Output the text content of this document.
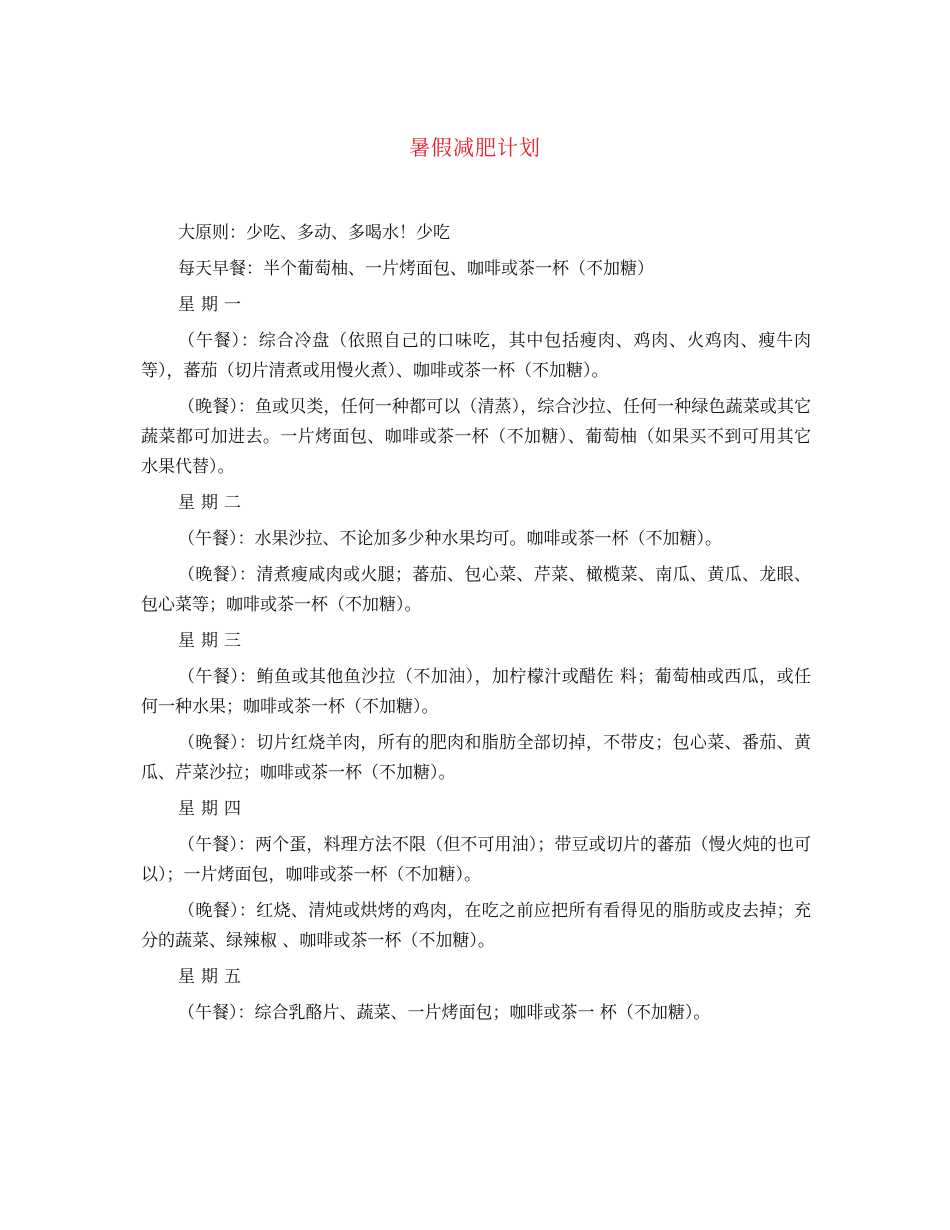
暑假减肥计划

大原则：少吃、多动、多喝水！少吃

每天早餐：半个葡萄柚、一片烤面包、咖啡或茶一杯（不加糖）

星期一

（午餐）：综合冷盘（依照自己的口味吃，其中包括瘦肉、鸡肉、火鸡肉、瘦牛肉等），蕃茄（切片清煮或用慢火煮）、咖啡或茶一杯（不加糖）。

（晚餐）：鱼或贝类，任何一种都可以（清蒸），综合沙拉、任何一种绿色蔬菜或其它蔬菜都可加进去。一片烤面包、咖啡或茶一杯（不加糖）、葡萄柚（如果买不到可用其它水果代替）。

星期二

（午餐）：水果沙拉、不论加多少种水果均可。咖啡或茶一杯（不加糖）。

（晚餐）：清煮瘦咸肉或火腿；蕃茄、包心菜、芹菜、橄榄菜、南瓜、黄瓜、龙眼、包心菜等；咖啡或茶一杯（不加糖）。

星期三

（午餐）：鲔鱼或其他鱼沙拉（不加油），加柠檬汁或醋佐 料；葡萄柚或西瓜，或任何一种水果；咖啡或茶一杯（不加糖）。

（晚餐）：切片红烧羊肉，所有的肥肉和脂肪全部切掉，不带皮；包心菜、番茄、黄瓜、芹菜沙拉；咖啡或茶一杯（不加糖）。

星期四

（午餐）：两个蛋，料理方法不限（但不可用油）；带豆或切片的蕃茄（慢火炖的也可以）；一片烤面包，咖啡或茶一杯（不加糖）。

（晚餐）：红烧、清炖或烘烤的鸡肉，在吃之前应把所有看得见的脂肪或皮去掉；充分的蔬菜、绿辣椒 、咖啡或茶一杯（不加糖）。

星期五

（午餐）：综合乳酪片、蔬菜、一片烤面包；咖啡或茶一 杯（不加糖）。
